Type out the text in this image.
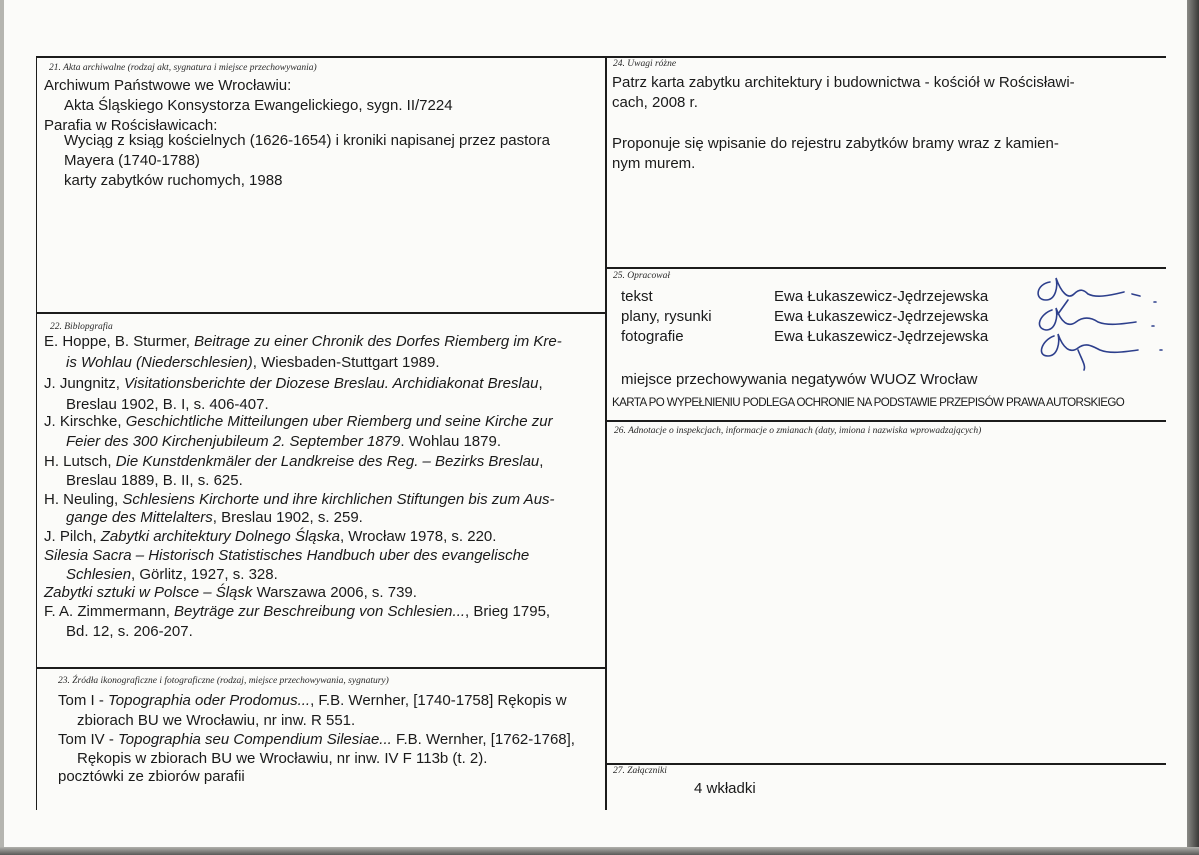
21. Akta archiwalne (rodzaj akt, sygnatura i miejsce przechowywania)
Archiwum Państwowe we Wrocławiu:
Akta Śląskiego Konsystorza Ewangelickiego, sygn. II/7224
Parafia w Rościsławicach:
Wyciąg z ksiąg kościelnych (1626-1654) i kroniki napisanej przez pastora
Mayera (1740-1788)
karty zabytków ruchomych, 1988
22. Biblopgrafia
E. Hoppe, B. Sturmer, Beitrage zu einer Chronik des Dorfes Riemberg im Kre-
is Wohlau (Niederschlesien), Wiesbaden-Stuttgart 1989.
J. Jungnitz, Visitationsberichte der Diozese Breslau. Archidiakonat Breslau,
Breslau 1902, B. I, s. 406-407.
J. Kirschke, Geschichtliche Mitteilungen uber Riemberg und seine Kirche zur
Feier des 300 Kirchenjubileum 2. September 1879. Wohlau 1879.
H. Lutsch, Die Kunstdenkmäler der Landkreise des Reg. – Bezirks Breslau,
Breslau 1889, B. II, s. 625.
H. Neuling, Schlesiens Kirchorte und ihre kirchlichen Stiftungen bis zum Aus-
gange des Mittelalters, Breslau 1902, s. 259.
J. Pilch, Zabytki architektury Dolnego Śląska, Wrocław 1978, s. 220.
Silesia Sacra – Historisch Statistisches Handbuch uber des evangelische
Schlesien, Görlitz, 1927, s. 328.
Zabytki sztuki w Polsce – Śląsk Warszawa 2006, s. 739.
F. A. Zimmermann, Beyträge zur Beschreibung von Schlesien..., Brieg 1795,
Bd. 12, s. 206-207.
23. Źródła ikonograficzne i fotograficzne (rodzaj, miejsce przechowywania, sygnatury)
Tom I - Topographia oder Prodomus..., F.B. Wernher, [1740-1758] Rękopis w
zbiorach BU we Wrocławiu, nr inw. R 551.
Tom IV - Topographia seu Compendium Silesiae... F.B. Wernher, [1762-1768],
Rękopis w zbiorach BU we Wrocławiu, nr inw. IV F 113b (t. 2).
pocztówki ze zbiorów parafii
24. Uwagi różne
Patrz karta zabytku architektury i budownictwa - kościół w Rościsławi-
cach, 2008 r.
Proponuje się wpisanie do rejestru zabytków bramy wraz z kamien-
nym murem.
25. Opracował
tekst	Ewa Łukaszewicz-Jędrzejewska
plany, rysunki	Ewa Łukaszewicz-Jędrzejewska
fotografie	Ewa Łukaszewicz-Jędrzejewska
miejsce przechowywania negatywów WUOZ Wrocław
KARTA PO WYPEŁNIENIU PODLEGA OCHRONIE NA PODSTAWIE PRZEPISÓW PRAWA AUTORSKIEGO
26. Adnotacje o inspekcjach, informacje o zmianach (daty, imiona i nazwiska wprowadzających)
27. Załączniki
4 wkładki
